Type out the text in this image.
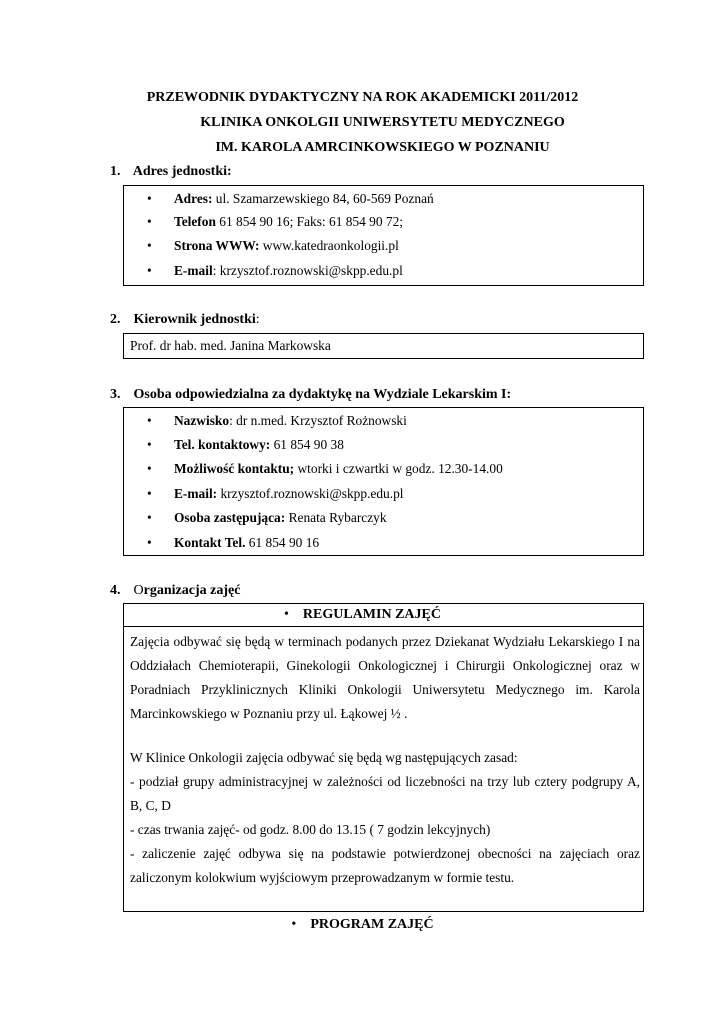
PRZEWODNIK DYDAKTYCZNY NA ROK AKADEMICKI 2011/2012
KLINIKA ONKOLGII UNIWERSYTETU MEDYCZNEGO
IM. KAROLA AMRCINKOWSKIEGO W POZNANIU
1. Adres jednostki:
• Adres: ul. Szamarzewskiego 84, 60-569 Poznań
• Telefon 61 854 90 16; Faks: 61 854 90 72;
• Strona WWW: www.katedraonkologii.pl
• E-mail: krzysztof.roznowski@skpp.edu.pl
2. Kierownik jednostki:
Prof. dr hab. med. Janina Markowska
3. Osoba odpowiedzialna za dydaktykę na Wydziale Lekarskim I:
• Nazwisko: dr n.med. Krzysztof Rożnowski
• Tel. kontaktowy: 61 854 90 38
• Możliwość kontaktu; wtorki i czwartki w godz. 12.30-14.00
• E-mail: krzysztof.roznowski@skpp.edu.pl
• Osoba zastępująca: Renata Rybarczyk
• Kontakt Tel. 61 854 90 16
4. Organizacja zajęć
• REGULAMIN ZAJĘĆ
Zajęcia odbywać się będą w terminach podanych przez Dziekanat Wydziału Lekarskiego I na
Oddziałach Chemioterapii, Ginekologii Onkologicznej i Chirurgii Onkologicznej oraz w
Poradniach Przyklinicznych Kliniki Onkologii Uniwersytetu Medycznego im. Karola
Marcinkowskiego w Poznaniu przy ul. Łąkowej ½ .
W Klinice Onkologii zajęcia odbywać się będą wg następujących zasad:
- podział grupy administracyjnej w zależności od liczebności na trzy lub cztery podgrupy A,
B, C, D
- czas trwania zajęć- od godz. 8.00 do 13.15 ( 7 godzin lekcyjnych)
- zaliczenie zajęć odbywa się na podstawie potwierdzonej obecności na zajęciach oraz
zaliczonym kolokwium wyjściowym przeprowadzanym w formie testu.
• PROGRAM ZAJĘĆ
